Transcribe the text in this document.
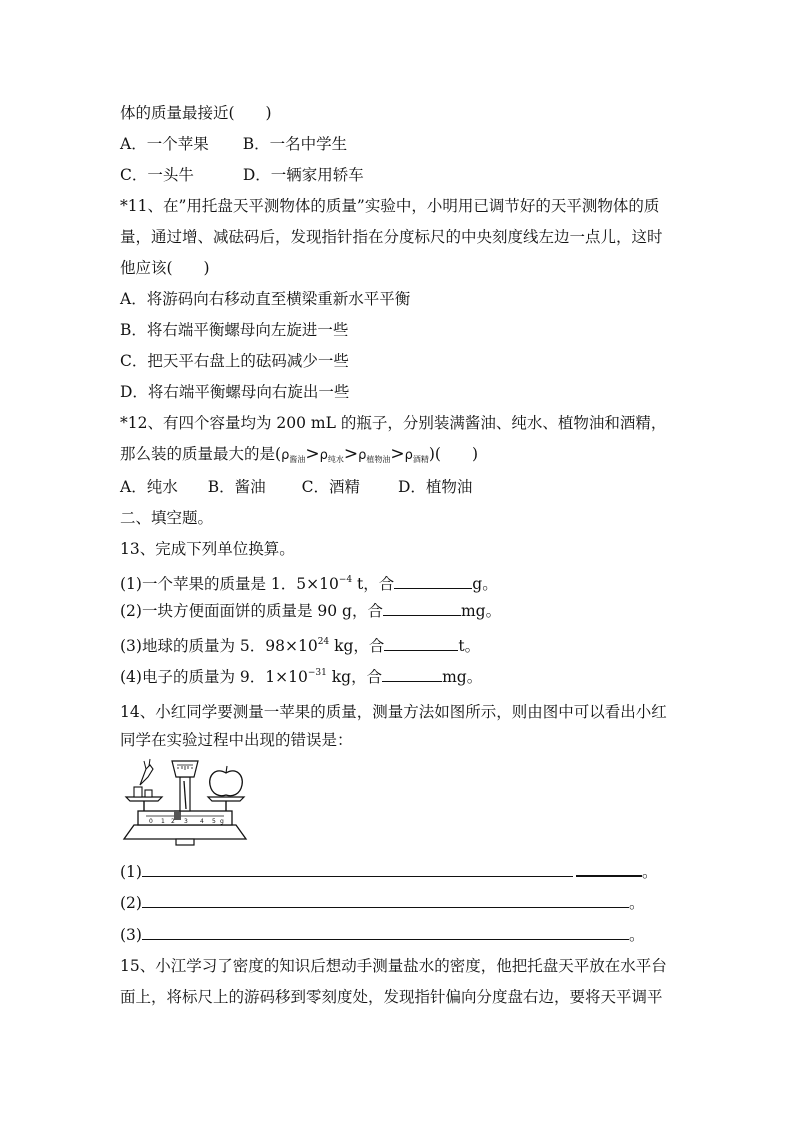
体的质量最接近(　　)
A．一个苹果 B．一名中学生
C．一头牛	D．一辆家用轿车
*11、在”用托盘天平测物体的质量”实验中，小明用已调节好的天平测物体的质
量，通过增、减砝码后，发现指针指在分度标尺的中央刻度线左边一点儿，这时
他应该(　　)
A．将游码向右移动直至横梁重新水平平衡
B．将右端平衡螺母向左旋进一些
C．把天平右盘上的砝码减少一些
D．将右端平衡螺母向右旋出一些
*12、有四个容量均为 200 mL 的瓶子，分别装满酱油、纯水、植物油和酒精，
那么装的质量最大的是$(\rho_{酱油}>\rho_{纯水}>\rho_{植物油}>\rho_{酒精})$(　　)
A．纯水 B．酱油 C．酒精 D．植物油
二、填空题。
13、完成下列单位换算。
(1)一个苹果的质量是 1．$5\times 10^{-4}$ t，合	g。
(2)一块方便面面饼的质量是 90 g，合	mg。
(3)地球的质量为 5．$98\times 10^{24}$ kg，合	t。
(4)电子的质量为 9．$1\times 10^{-31}$ kg，合	mg。
14、小红同学要测量一苹果的质量，测量方法如图所示，则由图中可以看出小红
同学在实验过程中出现的错误是：
0 1 2 3 4 5 g
(1)	。
(2)	。
(3)	。
15、小江学习了密度的知识后想动手测量盐水的密度，他把托盘天平放在水平台
面上，将标尺上的游码移到零刻度处，发现指针偏向分度盘右边，要将天平调平
